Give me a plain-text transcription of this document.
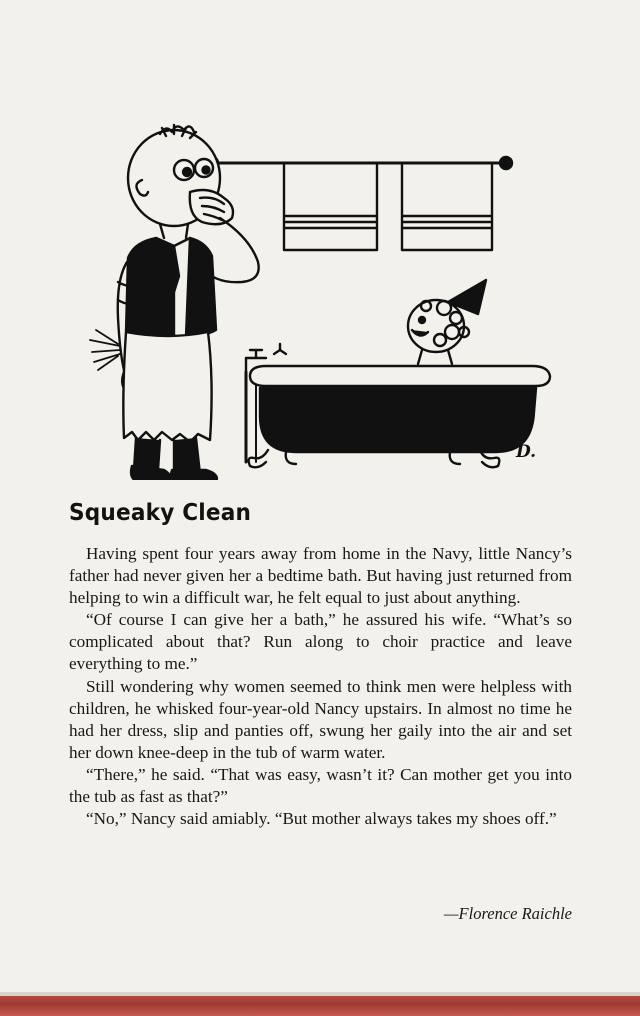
D.
Squeaky Clean

Having spent four years away from home in the Navy, little Nancy’s father had never given her a bedtime bath. But having just returned from helping to win a difficult war, he felt equal to just about anything.

“Of course I can give her a bath,” he assured his wife. “What’s so complicated about that? Run along to choir practice and leave everything to me.”

Still wondering why women seemed to think men were helpless with children, he whisked four-year-old Nancy upstairs. In almost no time he had her dress, slip and panties off, swung her gaily into the air and set her down knee-deep in the tub of warm water.

“There,” he said. “That was easy, wasn’t it? Can mother get you into the tub as fast as that?”

“No,” Nancy said amiably. “But mother always takes my shoes off.”

—Florence Raichle
